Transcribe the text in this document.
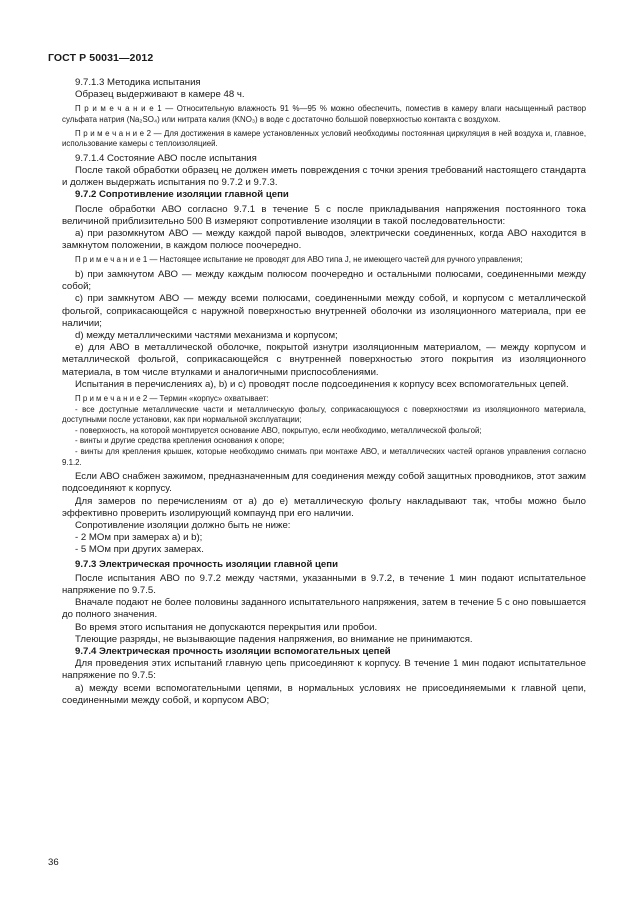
ГОСТ Р 50031—2012

9.7.1.3 Методика испытания

Образец выдерживают в камере 48 ч.

П р и м е ч а н и е 1 — Относительную влажность 91 %—95 % можно обеспечить, поместив в камеру влаги насыщенный раствор сульфата натрия (Na₂SO₄) или нитрата калия (KNO₃) в воде с достаточно большой поверхностью контакта с воздухом.

П р и м е ч а н и е 2 — Для достижения в камере установленных условий необходимы постоянная циркуляция в ней воздуха и, главное, использование камеры с теплоизоляцией.

9.7.1.4 Состояние АВО после испытания

После такой обработки образец не должен иметь повреждения с точки зрения требований настоящего стандарта и должен выдержать испытания по 9.7.2 и 9.7.3.

9.7.2 Сопротивление изоляции главной цепи

После обработки АВО согласно 9.7.1 в течение 5 с после прикладывания напряжения постоянного тока величиной приблизительно 500 В измеряют сопротивление изоляции в такой последовательности:

а) при разомкнутом АВО — между каждой парой выводов, электрически соединенных, когда АВО находится в замкнутом положении, в каждом полюсе поочередно.

П р и м е ч а н и е 1 — Настоящее испытание не проводят для АВО типа J, не имеющего частей для ручного управления;

b) при замкнутом АВО — между каждым полюсом поочередно и остальными полюсами, соединенными между собой;

с) при замкнутом АВО — между всеми полюсами, соединенными между собой, и корпусом с металлической фольгой, соприкасающейся с наружной поверхностью внутренней оболочки из изоляционного материала, при ее наличии;

d) между металлическими частями механизма и корпусом;

е) для АВО в металлической оболочке, покрытой изнутри изоляционным материалом, — между корпусом и металлической фольгой, соприкасающейся с внутренней поверхностью этого покрытия из изоляционного материала, в том числе втулками и аналогичными приспособлениями.

Испытания в перечислениях а), b) и с) проводят после подсоединения к корпусу всех вспомогательных цепей.

П р и м е ч а н и е 2 — Термин «корпус» охватывает:

- все доступные металлические части и металлическую фольгу, соприкасающуюся с поверхностями из изоляционного материала, доступными после установки, как при нормальной эксплуатации;

- поверхность, на которой монтируется основание АВО, покрытую, если необходимо, металлической фольгой;

- винты и другие средства крепления основания к опоре;

- винты для крепления крышек, которые необходимо снимать при монтаже АВО, и металлических частей органов управления согласно 9.1.2.

Если АВО снабжен зажимом, предназначенным для соединения между собой защитных проводников, этот зажим подсоединяют к корпусу.

Для замеров по перечислениям от а) до е) металлическую фольгу накладывают так, чтобы можно было эффективно проверить изолирующий компаунд при его наличии.

Сопротивление изоляции должно быть не ниже:

- 2 МОм при замерах а) и b);

- 5 МОм при других замерах.

9.7.3 Электрическая прочность изоляции главной цепи

После испытания АВО по 9.7.2 между частями, указанными в 9.7.2, в течение 1 мин подают испытательное напряжение по 9.7.5.

Вначале подают не более половины заданного испытательного напряжения, затем в течение 5 с оно повышается до полного значения.

Во время этого испытания не допускаются перекрытия или пробои.

Тлеющие разряды, не вызывающие падения напряжения, во внимание не принимаются.

9.7.4 Электрическая прочность изоляции вспомогательных цепей

Для проведения этих испытаний главную цепь присоединяют к корпусу. В течение 1 мин подают испытательное напряжение по 9.7.5:

а) между всеми вспомогательными цепями, в нормальных условиях не присоединяемыми к главной цепи, соединенными между собой, и корпусом АВО;

36
